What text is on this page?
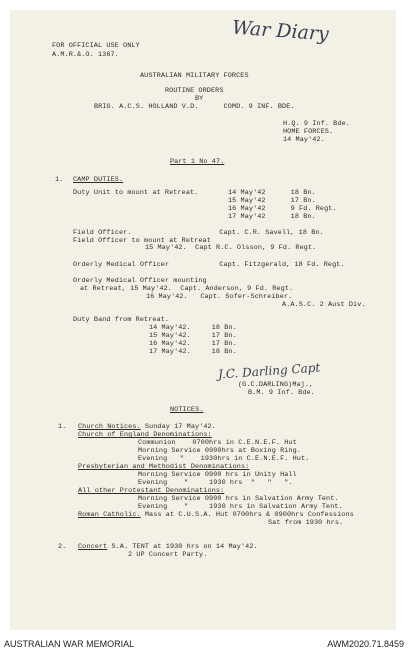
FOR OFFICIAL USE ONLY
A.M.R.&.O. 1367.
War Diary
AUSTRALIAN MILITARY FORCES
ROUTINE ORDERS
BY
BRIG. A.C.S. HOLLAND V.D.      COMD. 9 INF. BDE.
H.Q. 9 Inf. Bde.
HOME FORCES.
14 May'42.
Part 1 No 47.
1. CAMP DUTIES.
Duty Unit to mount at Retreat.	14 May'42      18 Bn.
15 May'42      17 Bn.
16 May'42      9 Fd. Regt.
17 May'42      18 Bn.
Field Officer.                     Capt. C.R. Savell, 18 Bn.
Field Officer to mount at Retreat
15 May'42.  Capt R.C. Olsson, 9 Fd. Regt.
Orderly Medical Officer            Capt. Fitzgerald, 18 Fd. Regt.
Orderly Medical Officer mounting
at Retreat, 15 May'42.  Capt. Anderson, 9 Fd. Regt.
16 May'42.   Capt. Sofer-Schreiber.
A.A.S.C. 2 Aust Div.
Duty Band from Retreat.
14 May'42.     18 Bn.
15 May'42.     17 Bn.
16 May'42.     17 Bn.
17 May'42.     18 Bn.
J.C. Darling Capt
(G.C.DARLING)Maj.,
B.M. 9 Inf. Bde.
NOTICES.
1. Church Notices. Sunday 17 May'42.
Church of England Denominations:
Communion    0700hrs in C.E.N.E.F. Hut
Morning Service 0900hrs at Boxing Ring.
Evening   "    1930hrs in C.E.N.E.F. Hut.
Presbyterian and Methodist Denominations:
Morning Service 0900 hrs in Unity Hall
Evening    "     1930 hrs  "   "   ".
All other Protestant Denominations:
Morning Service 0900 hrs in Salvation Army Tent.
Evening    "     1930 hrs in Salvation Army Tent.
Roman Catholic. Mass at C.U.S.A. Hut 0700hrs & 0900hrs Confessions
Sat from 1930 hrs.
2. Concert S.A. TENT at 1930 hrs on 14 May'42.
2 UP Concert Party.
AUSTRALIAN WAR MEMORIAL	AWM2020.71.8459
